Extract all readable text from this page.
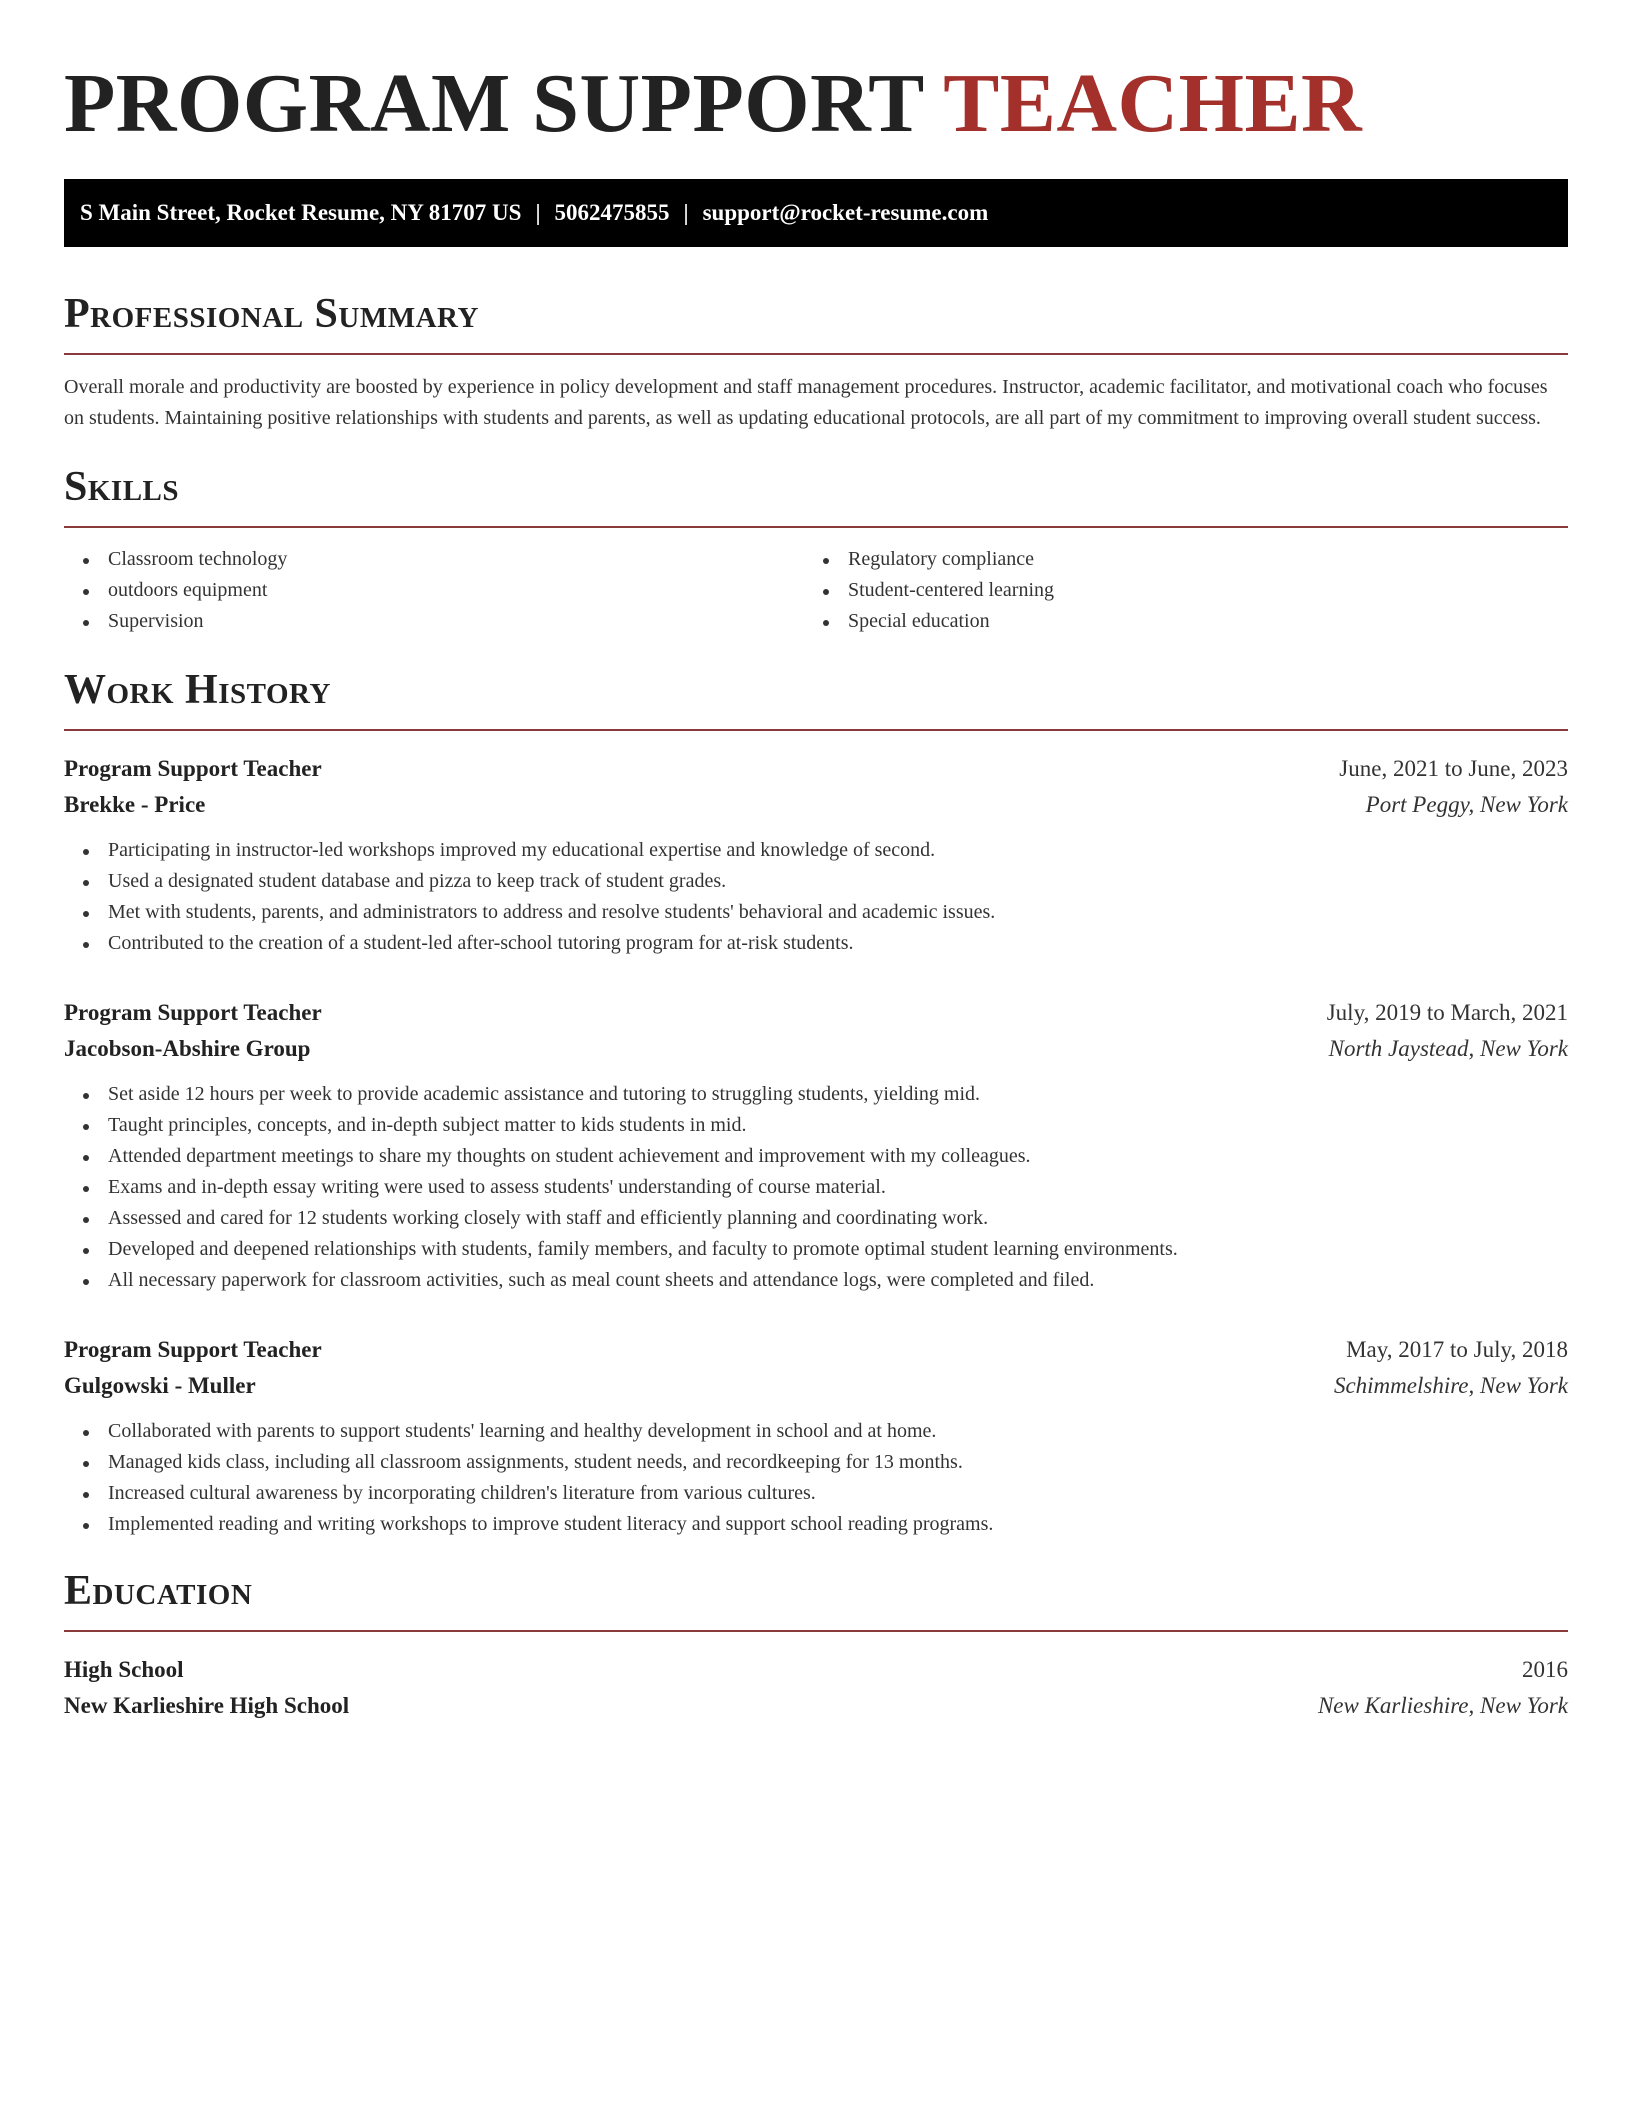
PROGRAM SUPPORT TEACHER
S Main Street, Rocket Resume, NY 81707 US | 5062475855 | support@rocket-resume.com
Professional Summary

Overall morale and productivity are boosted by experience in policy development and staff management procedures. Instructor, academic facilitator, and motivational coach who focuses on students. Maintaining positive relationships with students and parents, as well as updating educational protocols, are all part of my commitment to improving overall student success.

Skills
Classroom technology
outdoors equipment
Supervision
Regulatory compliance
Student-centered learning
Special education
Work History
Program Support Teacher	June, 2021 to June, 2023
Brekke - Price	Port Peggy, New York
Participating in instructor-led workshops improved my educational expertise and knowledge of second.
Used a designated student database and pizza to keep track of student grades.
Met with students, parents, and administrators to address and resolve students' behavioral and academic issues.
Contributed to the creation of a student-led after-school tutoring program for at-risk students.
Program Support Teacher	July, 2019 to March, 2021
Jacobson-Abshire Group	North Jaystead, New York
Set aside 12 hours per week to provide academic assistance and tutoring to struggling students, yielding mid.
Taught principles, concepts, and in-depth subject matter to kids students in mid.
Attended department meetings to share my thoughts on student achievement and improvement with my colleagues.
Exams and in-depth essay writing were used to assess students' understanding of course material.
Assessed and cared for 12 students working closely with staff and efficiently planning and coordinating work.
Developed and deepened relationships with students, family members, and faculty to promote optimal student learning environments.
All necessary paperwork for classroom activities, such as meal count sheets and attendance logs, were completed and filed.
Program Support Teacher	May, 2017 to July, 2018
Gulgowski - Muller	Schimmelshire, New York
Collaborated with parents to support students' learning and healthy development in school and at home.
Managed kids class, including all classroom assignments, student needs, and recordkeeping for 13 months.
Increased cultural awareness by incorporating children's literature from various cultures.
Implemented reading and writing workshops to improve student literacy and support school reading programs.
Education
High School	2016
New Karlieshire High School	New Karlieshire, New York
